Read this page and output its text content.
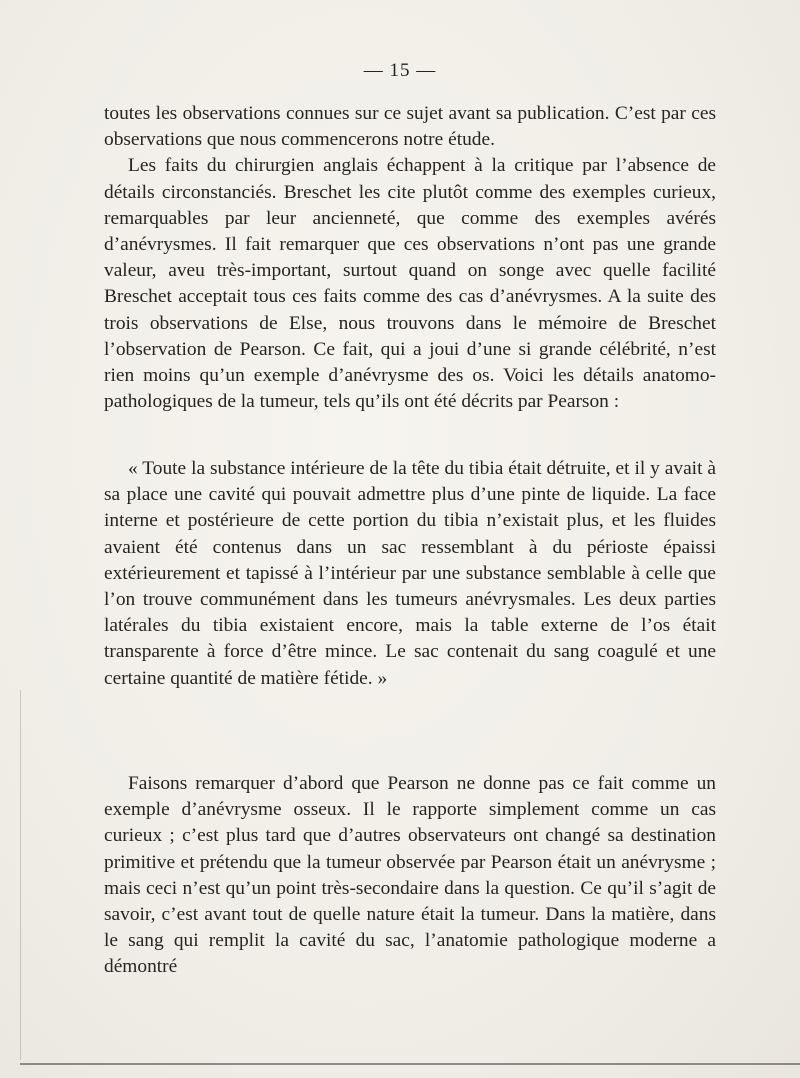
— 15 —

toutes les observations connues sur ce sujet avant sa publication. C’est par ces observations que nous commencerons notre étude.

Les faits du chirurgien anglais échappent à la critique par l’absence de détails circonstanciés. Breschet les cite plutôt comme des exemples curieux, remarquables par leur ancienneté, que comme des exemples avérés d’anévrysmes. Il fait remarquer que ces observations n’ont pas une grande valeur, aveu très-important, surtout quand on songe avec quelle facilité Breschet acceptait tous ces faits comme des cas d’anévrysmes. A la suite des trois observations de Else, nous trouvons dans le mémoire de Breschet l’observation de Pearson. Ce fait, qui a joui d’une si grande célébrité, n’est rien moins qu’un exemple d’anévrysme des os. Voici les détails anatomo-pathologiques de la tumeur, tels qu’ils ont été décrits par Pearson :

« Toute la substance intérieure de la tête du tibia était détruite, et il y avait à sa place une cavité qui pouvait admettre plus d’une pinte de liquide. La face interne et postérieure de cette portion du tibia n’existait plus, et les fluides avaient été contenus dans un sac ressemblant à du périoste épaissi extérieurement et tapissé à l’intérieur par une substance semblable à celle que l’on trouve communément dans les tumeurs anévrysmales. Les deux parties latérales du tibia existaient encore, mais la table externe de l’os était transparente à force d’être mince. Le sac contenait du sang coagulé et une certaine quantité de matière fétide. »

Faisons remarquer d’abord que Pearson ne donne pas ce fait comme un exemple d’anévrysme osseux. Il le rapporte simplement comme un cas curieux ; c’est plus tard que d’autres observateurs ont changé sa destination primitive et prétendu que la tumeur observée par Pearson était un anévrysme ; mais ceci n’est qu’un point très-secondaire dans la question. Ce qu’il s’agit de savoir, c’est avant tout de quelle nature était la tumeur. Dans la matière, dans le sang qui remplit la cavité du sac, l’anatomie pathologique moderne a démontré
